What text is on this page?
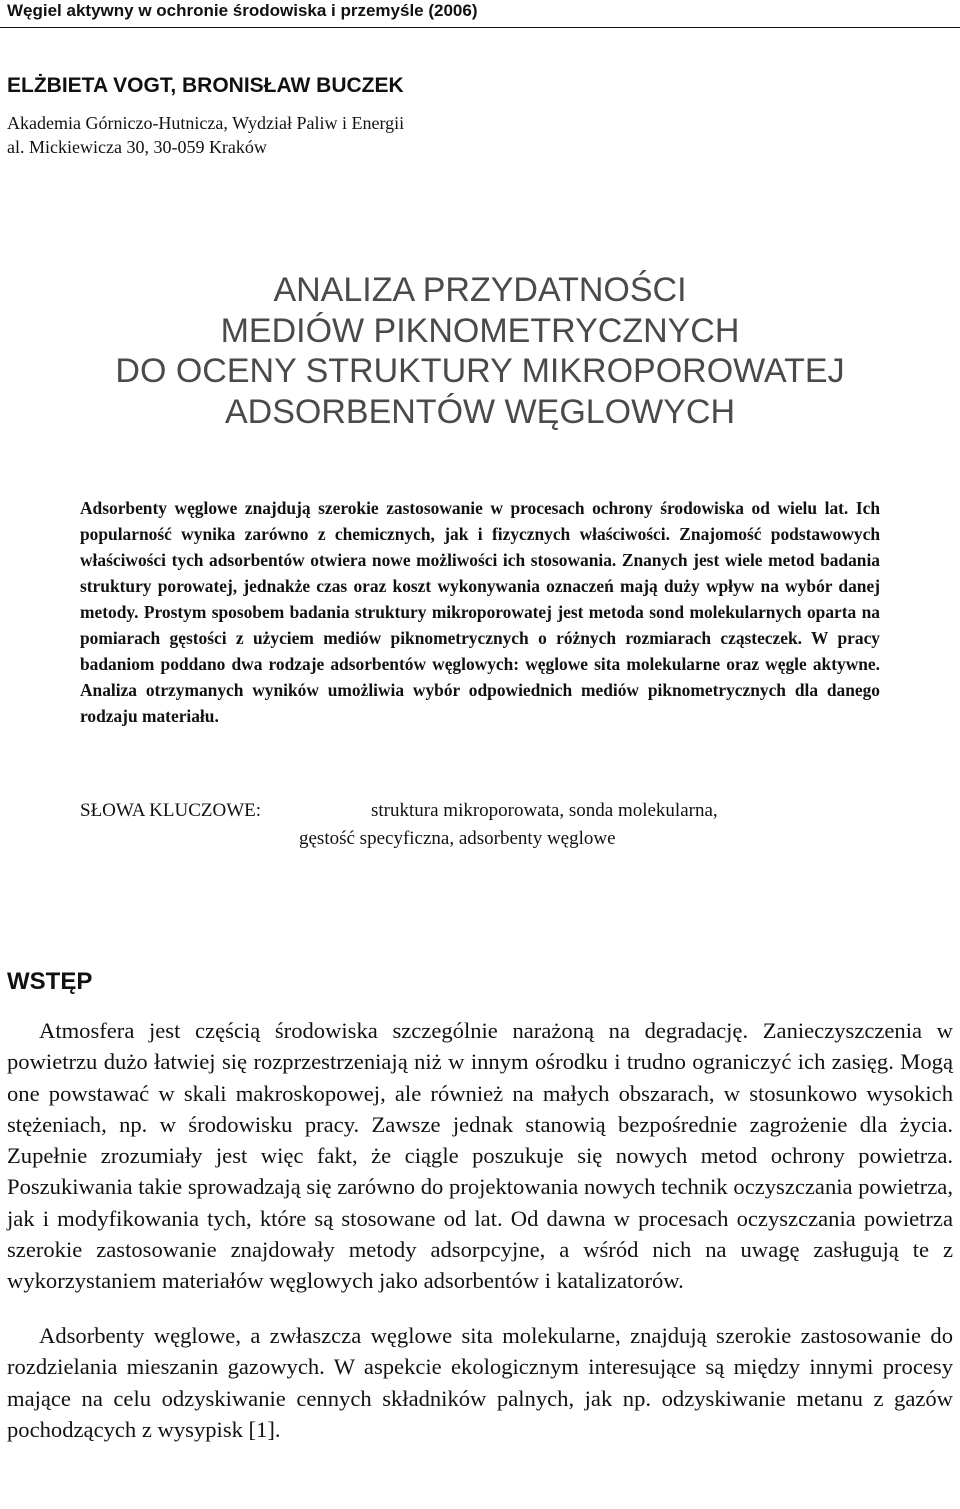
Węgiel aktywny w ochronie środowiska i przemyśle (2006)
ELŻBIETA VOGT, BRONISŁAW BUCZEK
Akademia Górniczo-Hutnicza, Wydział Paliw i Energii
al. Mickiewicza 30, 30-059 Kraków
ANALIZA PRZYDATNOŚCI
MEDIÓW PIKNOMETRYCZNYCH
DO OCENY STRUKTURY MIKROPOROWATEJ
ADSORBENTÓW WĘGLOWYCH
Adsorbenty węglowe znajdują szerokie zastosowanie w procesach ochrony środowiska od wielu lat. Ich popularność wynika zarówno z chemicznych, jak i fizycznych właściwości. Znajomość podstawowych właściwości tych adsorbentów otwiera nowe możliwości ich stosowania. Znanych jest wiele metod badania struktury porowatej, jednakże czas oraz koszt wykonywania oznaczeń mają duży wpływ na wybór danej metody. Prostym sposobem badania struktury mikroporowatej jest metoda sond molekularnych oparta na pomiarach gęstości z użyciem mediów piknometrycznych o różnych rozmiarach cząsteczek. W pracy badaniom poddano dwa rodzaje adsorbentów węglowych: węglowe sita molekularne oraz węgle aktywne. Analiza otrzymanych wyników umożliwia wybór odpowiednich mediów piknometrycznych dla danego rodzaju materiału.
SŁOWA KLUCZOWE:	struktura mikroporowata, sonda molekularna,
gęstość specyficzna, adsorbenty węglowe
WSTĘP
Atmosfera jest częścią środowiska szczególnie narażoną na degradację. Zanieczyszczenia w powietrzu dużo łatwiej się rozprzestrzeniają niż w innym ośrodku i trudno ograniczyć ich zasięg. Mogą one powstawać w skali makroskopowej, ale również na małych obszarach, w stosunkowo wysokich stężeniach, np. w środowisku pracy. Zawsze jednak stanowią bezpośrednie zagrożenie dla życia. Zupełnie zrozumiały jest więc fakt, że ciągle poszukuje się nowych metod ochrony powietrza. Poszukiwania takie sprowadzają się zarówno do projektowania nowych technik oczyszczania powietrza, jak i modyfikowania tych, które są stosowane od lat. Od dawna w procesach oczyszczania powietrza szerokie zastosowanie znajdowały metody adsorpcyjne, a wśród nich na uwagę zasługują te z wykorzystaniem materiałów węglowych jako adsorbentów i katalizatorów.
Adsorbenty węglowe, a zwłaszcza węglowe sita molekularne, znajdują szerokie zastosowanie do rozdzielania mieszanin gazowych. W aspekcie ekologicznym interesujące są między innymi procesy mające na celu odzyskiwanie cennych składników palnych, jak np. odzyskiwanie metanu z gazów pochodzących z wysypisk [1].
